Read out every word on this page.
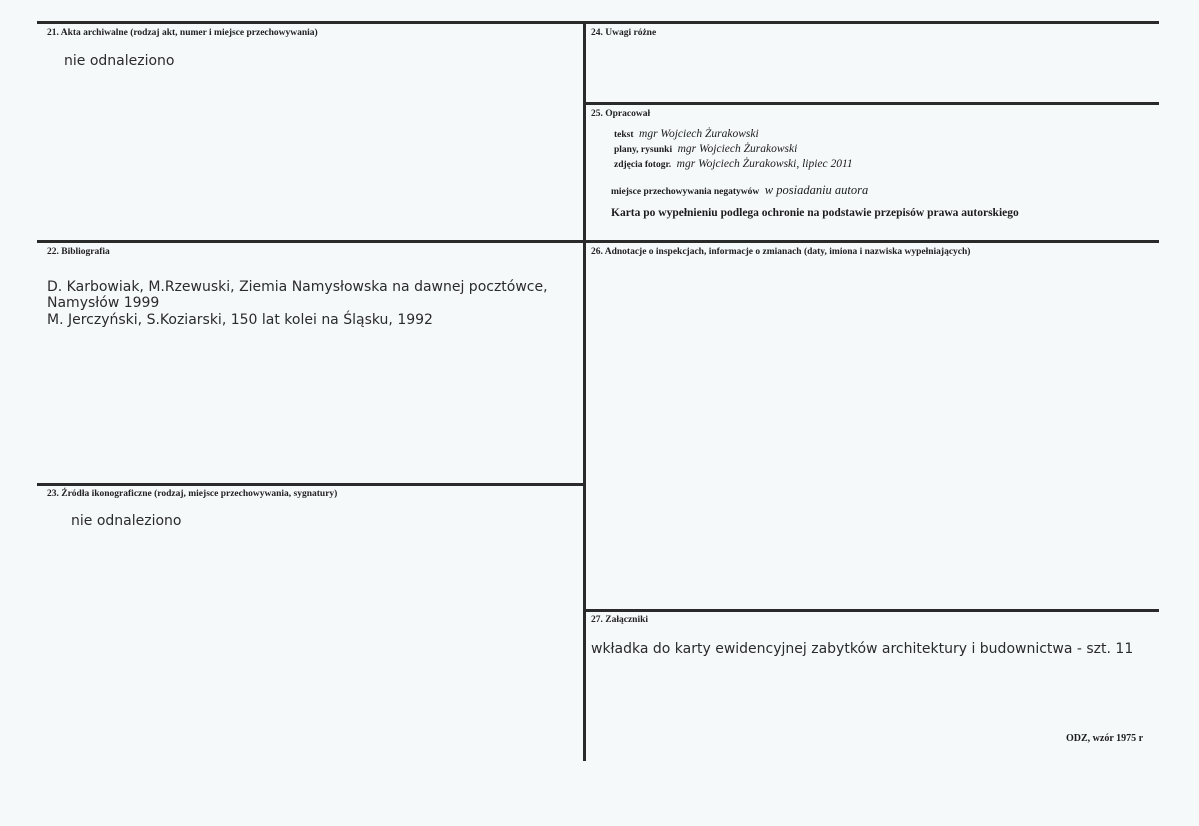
21. Akta archiwalne (rodzaj akt, numer i miejsce przechowywania)
nie odnaleziono
24. Uwagi różne
25. Opracował
tekst mgr Wojciech Żurakowski
plany, rysunki mgr Wojciech Żurakowski
zdjęcia fotogr. mgr Wojciech Żurakowski, lipiec 2011
miejsce przechowywania negatywów w posiadaniu autora
Karta po wypełnieniu podlega ochronie na podstawie przepisów prawa autorskiego
22. Bibliografia
D. Karbowiak, M.Rzewuski, Ziemia Namysłowska na dawnej pocztówce,
Namysłów 1999
M. Jerczyński, S.Koziarski, 150 lat kolei na Śląsku, 1992
26. Adnotacje o inspekcjach, informacje o zmianach (daty, imiona i nazwiska wypełniających)
23. Źródła ikonograficzne (rodzaj, miejsce przechowywania, sygnatury)
nie odnaleziono
27. Załączniki
wkładka do karty ewidencyjnej zabytków architektury i budownictwa - szt. 11
ODZ, wzór 1975 r
